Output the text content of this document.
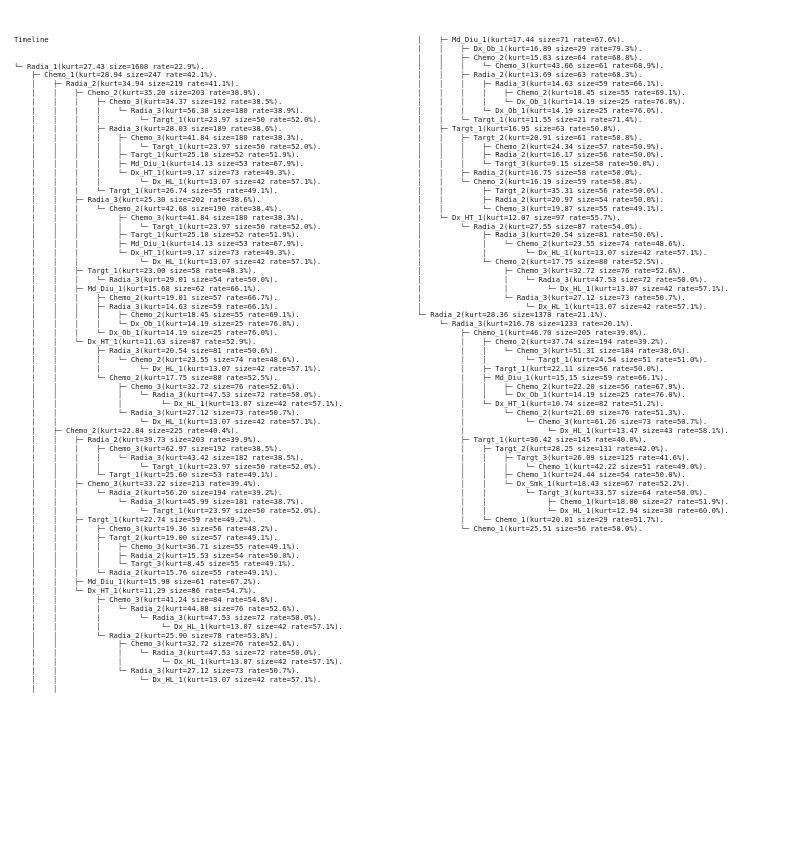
Timeline

└─ Radia_1(kurt=27.43 size=1608 rate=22.9%).
├─ Chemo_1(kurt=28.94 size=247 rate=42.1%).
│    ├─ Radia_2(kurt=34.94 size=219 rate=41.1%).
│    │    ├─ Chemo_2(kurt=35.20 size=203 rate=38.9%).
│    │    │    ├─ Chemo_3(kurt=34.37 size=192 rate=38.5%).
│    │    │    │    └─ Radia_3(kurt=56.38 size=180 rate=38.9%).
│    │    │    │         └─ Targt_1(kurt=23.97 size=50 rate=52.0%).
│    │    │    ├─ Radia_3(kurt=28.03 size=189 rate=38.6%).
│    │    │    │    ├─ Chemo_3(kurt=41.84 size=180 rate=38.3%).
│    │    │    │    │    └─ Targt_1(kurt=23.97 size=50 rate=52.0%).
│    │    │    │    ├─ Targt_1(kurt=25.10 size=52 rate=51.9%).
│    │    │    │    ├─ Md_Diu_1(kurt=14.13 size=53 rate=67.9%).
│    │    │    │    └─ Dx_HT_1(kurt=9.17 size=73 rate=49.3%).
│    │    │    │         └─ Dx_HL_1(kurt=13.07 size=42 rate=57.1%).
│    │    │    └─ Targt_1(kurt=26.74 size=55 rate=49.1%).
│    │    ├─ Radia_3(kurt=25.30 size=202 rate=38.6%).
│    │    │    └─ Chemo_2(kurt=42.68 size=190 rate=38.4%).
│    │    │         ├─ Chemo_3(kurt=41.84 size=180 rate=38.3%).
│    │    │         │    └─ Targt_1(kurt=23.97 size=50 rate=52.0%).
│    │    │         ├─ Targt_1(kurt=25.10 size=52 rate=51.9%).
│    │    │         ├─ Md_Diu_1(kurt=14.13 size=53 rate=67.9%).
│    │    │         └─ Dx_HT_1(kurt=9.17 size=73 rate=49.3%).
│    │    │              └─ Dx_HL_1(kurt=13.07 size=42 rate=57.1%).
│    │    ├─ Targt_1(kurt=23.00 size=58 rate=48.3%).
│    │    │    └─ Radia_3(kurt=29.01 size=54 rate=50.0%).
│    │    ├─ Md_Diu_1(kurt=15.68 size=62 rate=66.1%).
│    │    │    ├─ Chemo_2(kurt=19.01 size=57 rate=66.7%).
│    │    │    ├─ Radia_3(kurt=14.63 size=59 rate=66.1%).
│    │    │    │    ├─ Chemo_2(kurt=18.45 size=55 rate=69.1%).
│    │    │    │    └─ Dx_Ob_1(kurt=14.19 size=25 rate=76.0%).
│    │    │    └─ Dx_Ob_1(kurt=14.19 size=25 rate=76.0%).
│    │    └─ Dx_HT_1(kurt=11.63 size=87 rate=52.9%).
│    │         ├─ Radia_3(kurt=20.54 size=81 rate=50.6%).
│    │         │    └─ Chemo_2(kurt=23.55 size=74 rate=48.6%).
│    │         │         └─ Dx_HL_1(kurt=13.07 size=42 rate=57.1%).
│    │         └─ Chemo_2(kurt=17.75 size=80 rate=52.5%).
│    │              ├─ Chemo_3(kurt=32.72 size=76 rate=52.6%).
│    │              │    └─ Radia_3(kurt=47.53 size=72 rate=50.0%).
│    │              │         └─ Dx_HL_1(kurt=13.07 size=42 rate=57.1%).
│    │              └─ Radia_3(kurt=27.12 size=73 rate=50.7%).
│    │                   └─ Dx_HL_1(kurt=13.07 size=42 rate=57.1%).
│    ├─ Chemo_2(kurt=22.84 size=225 rate=40.4%).
│    │    ├─ Radia_2(kurt=39.73 size=203 rate=39.9%).
│    │    │    ├─ Chemo_3(kurt=62.97 size=192 rate=38.5%).
│    │    │    │    └─ Radia_3(kurt=43.42 size=182 rate=38.5%).
│    │    │    │         └─ Targt_1(kurt=23.97 size=50 rate=52.0%).
│    │    │    └─ Targt_1(kurt=25.60 size=53 rate=49.1%).
│    │    ├─ Chemo_3(kurt=33.22 size=213 rate=39.4%).
│    │    │    └─ Radia_2(kurt=56.20 size=194 rate=39.2%).
│    │    │         └─ Radia_3(kurt=45.99 size=181 rate=38.7%).
│    │    │              └─ Targt_1(kurt=23.97 size=50 rate=52.0%).
│    │    ├─ Targt_1(kurt=22.74 size=59 rate=49.2%).
│    │    │    ├─ Chemo_3(kurt=19.36 size=56 rate=48.2%).
│    │    │    ├─ Targt_2(kurt=19.00 size=57 rate=49.1%).
│    │    │    │    ├─ Chemo_3(kurt=36.71 size=55 rate=49.1%).
│    │    │    │    ├─ Radia_2(kurt=15.53 size=54 rate=50.0%).
│    │    │    │    └─ Targt_3(kurt=8.45 size=55 rate=49.1%).
│    │    │    └─ Radia_2(kurt=15.76 size=55 rate=49.1%).
│    │    ├─ Md_Diu_1(kurt=15.98 size=61 rate=67.2%).
│    │    └─ Dx_HT_1(kurt=11.29 size=86 rate=54.7%).
│    │         ├─ Chemo_3(kurt=41.24 size=84 rate=54.8%).
│    │         │    └─ Radia_2(kurt=44.88 size=76 rate=52.6%).
│    │         │         └─ Radia_3(kurt=47.53 size=72 rate=50.0%).
│    │         │              └─ Dx_HL_1(kurt=13.07 size=42 rate=57.1%).
│    │         └─ Radia_2(kurt=25.90 size=78 rate=53.8%).
│    │              ├─ Chemo_3(kurt=32.72 size=76 rate=52.6%).
│    │              │    └─ Radia_3(kurt=47.53 size=72 rate=50.0%).
│    │              │         └─ Dx_HL_1(kurt=13.07 size=42 rate=57.1%).
│    │              └─ Radia_3(kurt=27.12 size=73 rate=50.7%).
│    │                   └─ Dx_HL_1(kurt=13.07 size=42 rate=57.1%).
│    │

│    ├─ Md_Diu_1(kurt=17.44 size=71 rate=67.6%).
│    │    ├─ Dx_Ob_1(kurt=16.89 size=29 rate=79.3%).
│    │    ├─ Chemo_2(kurt=15.83 size=64 rate=68.8%).
│    │    │    └─ Chemo_3(kurt=43.66 size=61 rate=68.9%).
│    │    ├─ Radia_2(kurt=13.69 size=63 rate=68.3%).
│    │    │    ├─ Radia_3(kurt=14.63 size=59 rate=66.1%).
│    │    │    │    ├─ Chemo_2(kurt=18.45 size=55 rate=69.1%).
│    │    │    │    └─ Dx_Ob_1(kurt=14.19 size=25 rate=76.0%).
│    │    │    └─ Dx_Ob_1(kurt=14.19 size=25 rate=76.0%).
│    │    └─ Targt_1(kurt=11.55 size=21 rate=71.4%).
│    ├─ Targt_1(kurt=16.95 size=63 rate=50.8%).
│    │    ├─ Targt_2(kurt=20.91 size=61 rate=50.8%).
│    │    │    ├─ Chemo_2(kurt=24.34 size=57 rate=50.9%).
│    │    │    ├─ Radia_2(kurt=16.17 size=56 rate=50.0%).
│    │    │    └─ Targt_3(kurt=9.15 size=58 rate=50.0%).
│    │    ├─ Radia_2(kurt=16.75 size=58 rate=50.0%).
│    │    └─ Chemo_2(kurt=16.19 size=59 rate=50.8%).
│    │         ├─ Targt_2(kurt=35.31 size=56 rate=50.0%).
│    │         ├─ Radia_2(kurt=20.97 size=54 rate=50.0%).
│    │         └─ Chemo_3(kurt=19.87 size=55 rate=49.1%).
│    └─ Dx_HT_1(kurt=12.07 size=97 rate=55.7%).
│         └─ Radia_2(kurt=27.55 size=87 rate=54.0%).
│              ├─ Radia_3(kurt=20.54 size=81 rate=50.6%).
│              │    └─ Chemo_2(kurt=23.55 size=74 rate=48.6%).
│              │         └─ Dx_HL_1(kurt=13.07 size=42 rate=57.1%).
│              └─ Chemo_2(kurt=17.75 size=80 rate=52.5%).
│                   ├─ Chemo_3(kurt=32.72 size=76 rate=52.6%).
│                   │    └─ Radia_3(kurt=47.53 size=72 rate=50.0%).
│                   │         └─ Dx_HL_1(kurt=13.07 size=42 rate=57.1%).
│                   └─ Radia_3(kurt=27.12 size=73 rate=50.7%).
│                        └─ Dx_HL_1(kurt=13.07 size=42 rate=57.1%).
└─ Radia_2(kurt=28.36 size=1378 rate=21.1%).
└─ Radia_3(kurt=216.78 size=1233 rate=20.1%).
├─ Chemo_1(kurt=46.70 size=205 rate=39.0%).
│    ├─ Chemo_2(kurt=37.74 size=194 rate=39.2%).
│    │    └─ Chemo_3(kurt=51.31 size=184 rate=38.6%).
│    │         └─ Targt_1(kurt=24.54 size=51 rate=51.0%).
│    ├─ Targt_1(kurt=22.11 size=56 rate=50.0%).
│    ├─ Md_Diu_1(kurt=15.15 size=59 rate=66.1%).
│    │    ├─ Chemo_2(kurt=22.20 size=56 rate=67.9%).
│    │    └─ Dx_Ob_1(kurt=14.19 size=25 rate=76.0%).
│    └─ Dx_HT_1(kurt=10.74 size=82 rate=51.2%).
│         └─ Chemo_2(kurt=21.69 size=76 rate=51.3%).
│              └─ Chemo_3(kurt=61.26 size=73 rate=50.7%).
│                   └─ Dx_HL_1(kurt=13.47 size=43 rate=58.1%).
├─ Targt_1(kurt=36.42 size=145 rate=40.0%).
│    ├─ Targt_2(kurt=28.25 size=131 rate=42.0%).
│    │    ├─ Targt_3(kurt=26.09 size=125 rate=41.6%).
│    │    │    └─ Chemo_1(kurt=42.22 size=51 rate=49.0%).
│    │    ├─ Chemo_1(kurt=24.44 size=54 rate=50.0%).
│    │    └─ Dx_Smk_1(kurt=18.43 size=67 rate=52.2%).
│    │         └─ Targt_3(kurt=33.57 size=64 rate=50.0%).
│    │              ├─ Chemo_1(kurt=18.80 size=27 rate=51.9%).
│    │              └─ Dx_HL_1(kurt=12.94 size=30 rate=60.0%).
│    └─ Chemo_1(kurt=20.01 size=29 rate=51.7%).
└─ Chemo_1(kurt=25.51 size=56 rate=50.0%).
